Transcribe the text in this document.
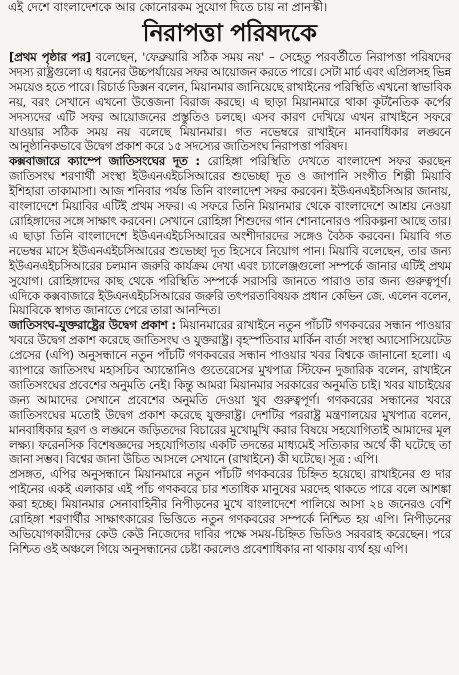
এই দেশে বাংলাদেশকে আর কোনোরকম সুযোগ দিতে চায় না প্রানস্কী।

নিরাপত্তা পরিষদকে

[প্রথম পৃষ্ঠার পর] বলেছেন, 'ফেব্রুয়ারি সঠিক সময় নয়' – সেহেতু পরবর্তীতে নিরাপত্তা পরিষদের সদস্য রাষ্ট্রগুলো এ ধরনের উচ্চপর্যায়ের সফর আয়োজন করতে পারে। সেটা মার্চ এবং এপ্রিলসহ ভিন্ন সময়েও হতে পারে। রিচার্ড ডিক্সন বলেন, মিয়ানমার জানিয়েছে রাখাইনের পরিস্থিতি এখনো স্বাভাবিক নয়, বরং সেখানে এখনো উত্তেজনা বিরাজ করছে। এ ছাড়া মিয়ানমারে থাকা কূটনৈতিক কর্পের সদস্যদের এটি সফর আয়োজনের প্রস্তুতিও চলছে। এসব কারণ দেখিয়ে এখন রাখাইনে সফরে যাওয়ার সঠিক সময় নয় বলেছে মিয়ানমার। গত নভেম্বরে রাখাইনে মানবাধিকার লঙ্ঘনে আনুষ্ঠানিকভাবে উদ্বেগ প্রকাশ করে ১৫ সদস্যের জাতিসংঘ নিরাপত্তা পরিষদ।

কক্সবাজারে ক্যাম্পে জাতিসংঘের দূত : রোহিঙ্গা পরিস্থিতি দেখতে বাংলাদেশ সফর করছেন জাতিসংঘ শরণার্থী সংস্থা ইউএনএইচসিআরের শুভেচ্ছা দূত ও জাপানি সংগীত শিল্পী মিয়াবি ইশিহারা তাকামাসা। আজ শনিবার পর্যন্ত তিনি বাংলাদেশ সফর করবেন। ইউএনএইচসিআর জানায়, বাংলাদেশে মিয়াবির এটিই প্রথম সফর। এ সফরে তিনি মিয়ানমার থেকে বাংলাদেশে আশ্রয় নেওয়া রোহিঙ্গাদের সঙ্গে সাক্ষাৎ করবেন। সেখানে রোহিঙ্গা শিশুদের গান শোনানোরও পরিকল্পনা আছে তার। এ ছাড়া তিনি বাংলাদেশে ইউএনএইচসিআরের অংশীদারদের সঙ্গেও বৈঠক করবেন। মিয়াবি গত নভেম্বর মাসে ইউএনএইচসিআরের শুভেচ্ছা দূত হিসেবে নিয়োগ পান। মিয়াবি বলেছেন, তার জন্য ইউএনএইচসিআরের চলমান জরুরি কার্যক্রম দেখা এবং চ্যালেঞ্জগুলো সম্পর্কে জানার এটিই প্রথম সুযোগ। রোহিঙ্গাদের কাছ থেকে পরিস্থিতি সম্পর্কে সরাসরি জানতে পারাও তার জন্য গুরুত্বপূর্ণ। এদিকে কক্সবাজারে ইউএনএইচসিআরের জরুরি তৎপরতাবিষয়ক প্রধান কেভিন জে. এলেন বলেন, মিয়াবিকে স্বাগত জানাতে পেরে তারা আনন্দিত।

জাতিসংঘ-যুক্তরাষ্ট্রের উদ্বেগ প্রকাশ : মিয়ানমারের রাখাইনে নতুন পাঁচটি গণকবরের সন্ধান পাওয়ার খবরে উদ্বেগ প্রকাশ করেছে জাতিসংঘ ও যুক্তরাষ্ট্র। বৃহস্পতিবার মার্কিন বার্তা সংস্থা অ্যাসোসিয়েটেড প্রেসের (এপি) অনুসন্ধানে নতুন পাঁচটি গণকবরের সন্ধান পাওয়ার খবর বিশ্বকে জানানো হলো। এ ব্যাপারে জাতিসংঘ মহাসচিব অ্যান্তোনিও গুতেরেসের মুখপাত্র স্টিফেন দুজারিক বলেন, রাখাইনে জাতিসংঘের প্রবেশের অনুমতি নেই। কিন্তু আমরা মিয়ানমার সরকারের অনুমতি চাই। খবর যাচাইয়ের জন্য আমাদের সেখানে প্রবেশের অনুমতি দেওয়া খুব গুরুত্বপূর্ণ। গণকবরের সন্ধানের খবরে জাতিসংঘের মতোই উদ্বেগ প্রকাশ করেছে যুক্তরাষ্ট্র। দেশটির পররাষ্ট্র মন্ত্রণালয়ের মুখপাত্র বলেন, মানবাধিকার হরণ ও লঙ্ঘনে জড়িতদের বিচারের মুখোমুখি করার বিষয়ে সহযোগিতাই আমাদের মূল লক্ষ্য। ফরেনসিক বিশেষজ্ঞদের সহযোগিতায় একটি তদন্তের মাধ্যমেই সত্যিকার অর্থে কী ঘটেছে তা জানা সম্ভব। বিশ্বের জানা উচিত আসলে সেখানে (রাখাইনে) কী ঘটেছে। সূত্র : এপি।

প্রসঙ্গত, এপির অনুসন্ধানে মিয়ানমারে নতুন পাঁচটি গণকবরের চিহ্নিত হয়েছে। রাখাইনের গু দার পাইনের একই এলাকার এই পাঁচ গণকবরে চার শতাধিক মানুষের মরদেহ থাকতে পারে বলে আশঙ্কা করা হচ্ছে। মিয়ানমার সেনাবাহিনীর নিপীড়নের মুখে বাংলাদেশে পালিয়ে আসা ২৪ জনেরও বেশি রোহিঙ্গা শরণার্থীর সাক্ষাৎকারের ভিত্তিতে নতুন গণকবরের সম্পর্কে নিশ্চিত হয় এপি। নিপীড়নের অভিযোগকারীদের কেউ কেউ নিজেদের দাবির পক্ষে সময়-চিহ্নিত ভিডিও সরবরাহ করেছেন। পরে নিশ্চিত ওই অঞ্চলে গিয়ে অনুসন্ধানের চেষ্টা করলেও প্রবেশাধিকার না থাকায় ব্যর্থ হয় এপি।
